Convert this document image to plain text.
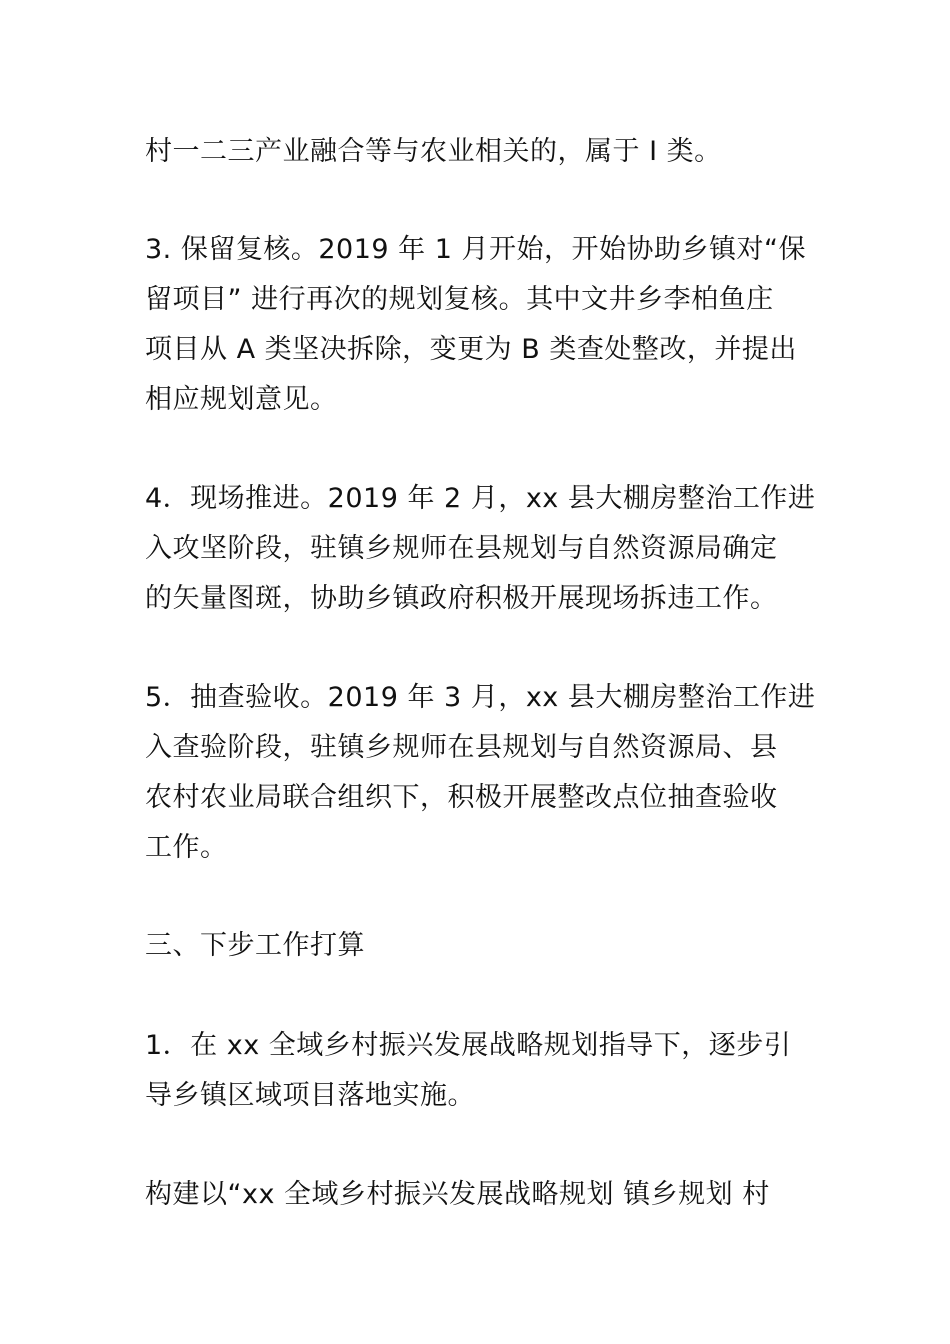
村一二三产业融合等与农业相关的，属于 I 类。
3. 保留复核。2019 年 1 月开始，开始协助乡镇对“保
留项目” 进行再次的规划复核。其中文井乡李柏鱼庄
项目从 A 类坚决拆除，变更为 B 类查处整改，并提出
相应规划意见。
4．现场推进。2019 年 2 月，xx 县大棚房整治工作进
入攻坚阶段，驻镇乡规师在县规划与自然资源局确定
的矢量图斑，协助乡镇政府积极开展现场拆违工作。
5．抽查验收。2019 年 3 月，xx 县大棚房整治工作进
入查验阶段，驻镇乡规师在县规划与自然资源局、县
农村农业局联合组织下，积极开展整改点位抽查验收
工作。
三、下步工作打算
1．在 xx 全域乡村振兴发展战略规划指导下，逐步引
导乡镇区域项目落地实施。
构建以“xx 全域乡村振兴发展战略规划 镇乡规划 村
